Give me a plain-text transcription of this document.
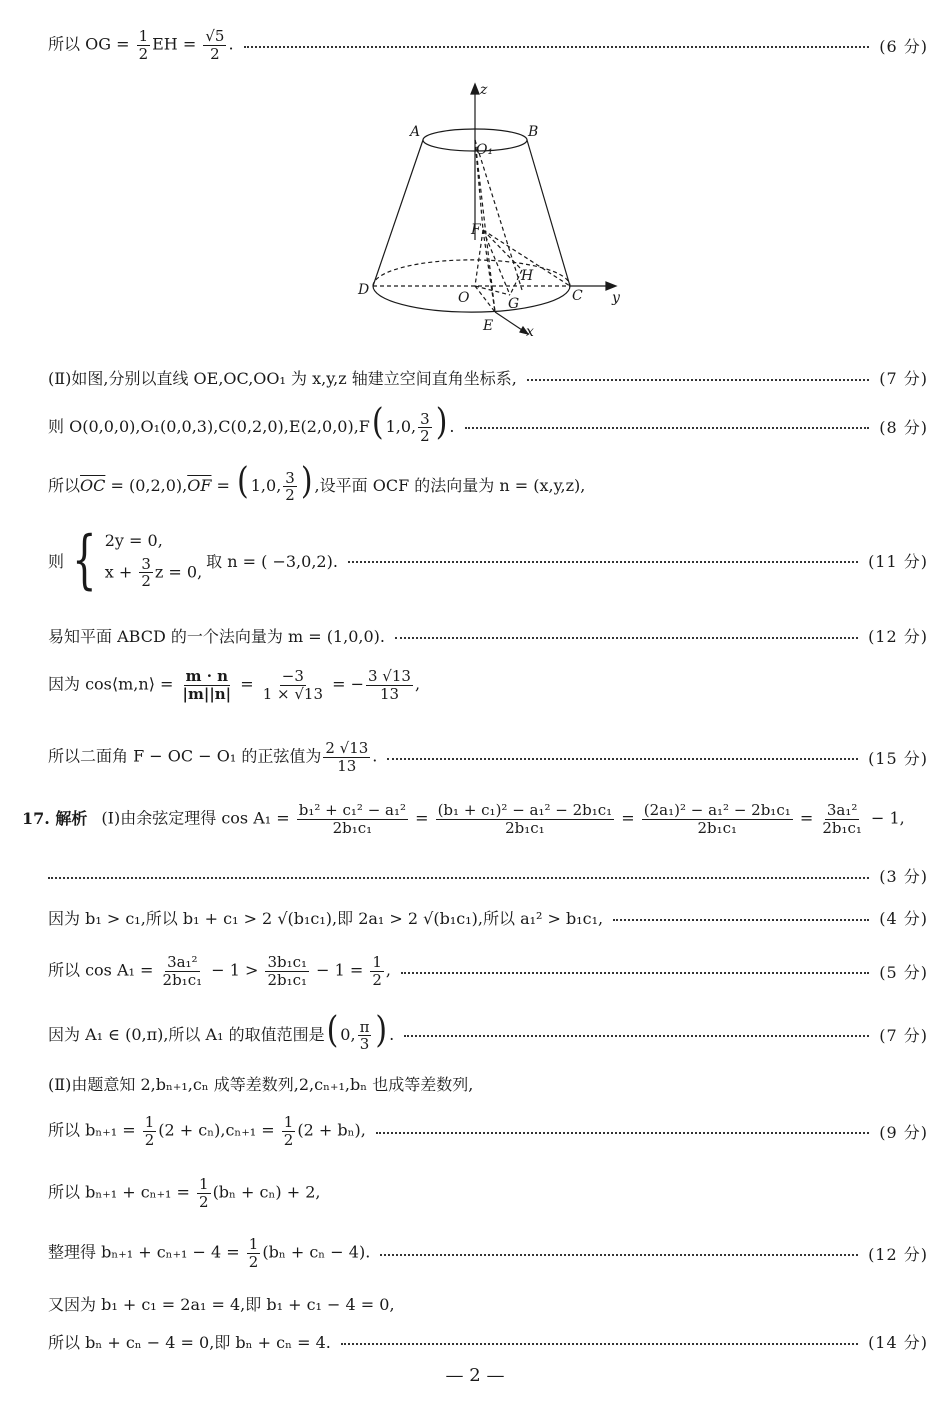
所以 OG = $\frac{1}{2}$ EH = $\frac{√5}{2}$ .	(6 分)
A	B
O₁
z
F
H
D	O	G	C y
E x
(Ⅱ)如图,分别以直线 OE,OC,OO₁ 为 x,y,z 轴建立空间直角坐标系,	(7 分)
则 O(0,0,0),O₁(0,0,3),C(0,2,0),E(2,0,0),F( 1,0, $\frac{3}{2}$ ) .	(8 分)
所以$\overline{OC} = (0,2,0),\overline{OF}$ = ( 1,0, $\frac{3}{2}$ ) ,设平面 OCF 的法向量为 n = (x,y,z),
则 { 2y = 0,
$x + \frac{3}{2}$ z = 0,
取 n = ( −3,0,2).	(11 分)
易知平面 ABCD 的一个法向量为 m = (1,0,0).	(12 分)
因为 cos⟨m,n⟩ = $\frac{m \cdot n}{|m||n|} = \frac{-3}{1 \times √13}$ = − $\frac{3 √13}{13}$ ,
所以二面角 F − OC − O₁ 的正弦值为 $\frac{2 √13}{13}$ .	(15 分)
17. 解析 (Ⅰ)由余弦定理得 $\cos A_1 = \frac{\text{b₁² + c₁² − a₁²}}{\text{2b₁c₁}} = \frac{\text{(b₁ + c₁)² − a₁² − 2b₁c₁}}{\text{2b₁c₁}} = \frac{\text{(2a₁)² − a₁² − 2b₁c₁}}{\text{2b₁c₁}} = \frac{\text{3a₁²}}{\text{2b₁c₁}} - 1$,
(3 分)
因为 b₁ > c₁,所以 b₁ + c₁ > 2 √(b₁c₁),即 2a₁ > 2 √(b₁c₁),所以 a₁² > b₁c₁,	(4 分)
所以 $\cos A_1 = \frac{\text{3a₁²}}{\text{2b₁c₁}} - 1 > \frac{\text{3b₁c₁}}{\text{2b₁c₁}} - 1 = \frac{1}{2}$ ,	(5 分)
因为 A₁ ∈ (0,π),所以 A₁ 的取值范围是( 0, $\frac{\pi}{3}$ ) .	(7 分)
(Ⅱ)由题意知 2,bₙ₊₁,cₙ 成等差数列,2,cₙ₊₁,bₙ 也成等差数列,
所以 $b_{n+1} = \frac{1}{2} (2 + c_n),c_{n+1} = \frac{1}{2} (2 + b_n)$,	(9 分)
所以 $b_{n+1} + c_{n+1} = \frac{1}{2} (b_n + c_n) + 2$,
整理得 $b_{n+1} + c_{n+1} - 4 = \frac{1}{2} (b_n + c_n - 4)$.	(12 分)
又因为 b₁ + c₁ = 2a₁ = 4,即 b₁ + c₁ − 4 = 0,
所以 bₙ + cₙ − 4 = 0,即 bₙ + cₙ = 4.	(14 分)
— 2 —
